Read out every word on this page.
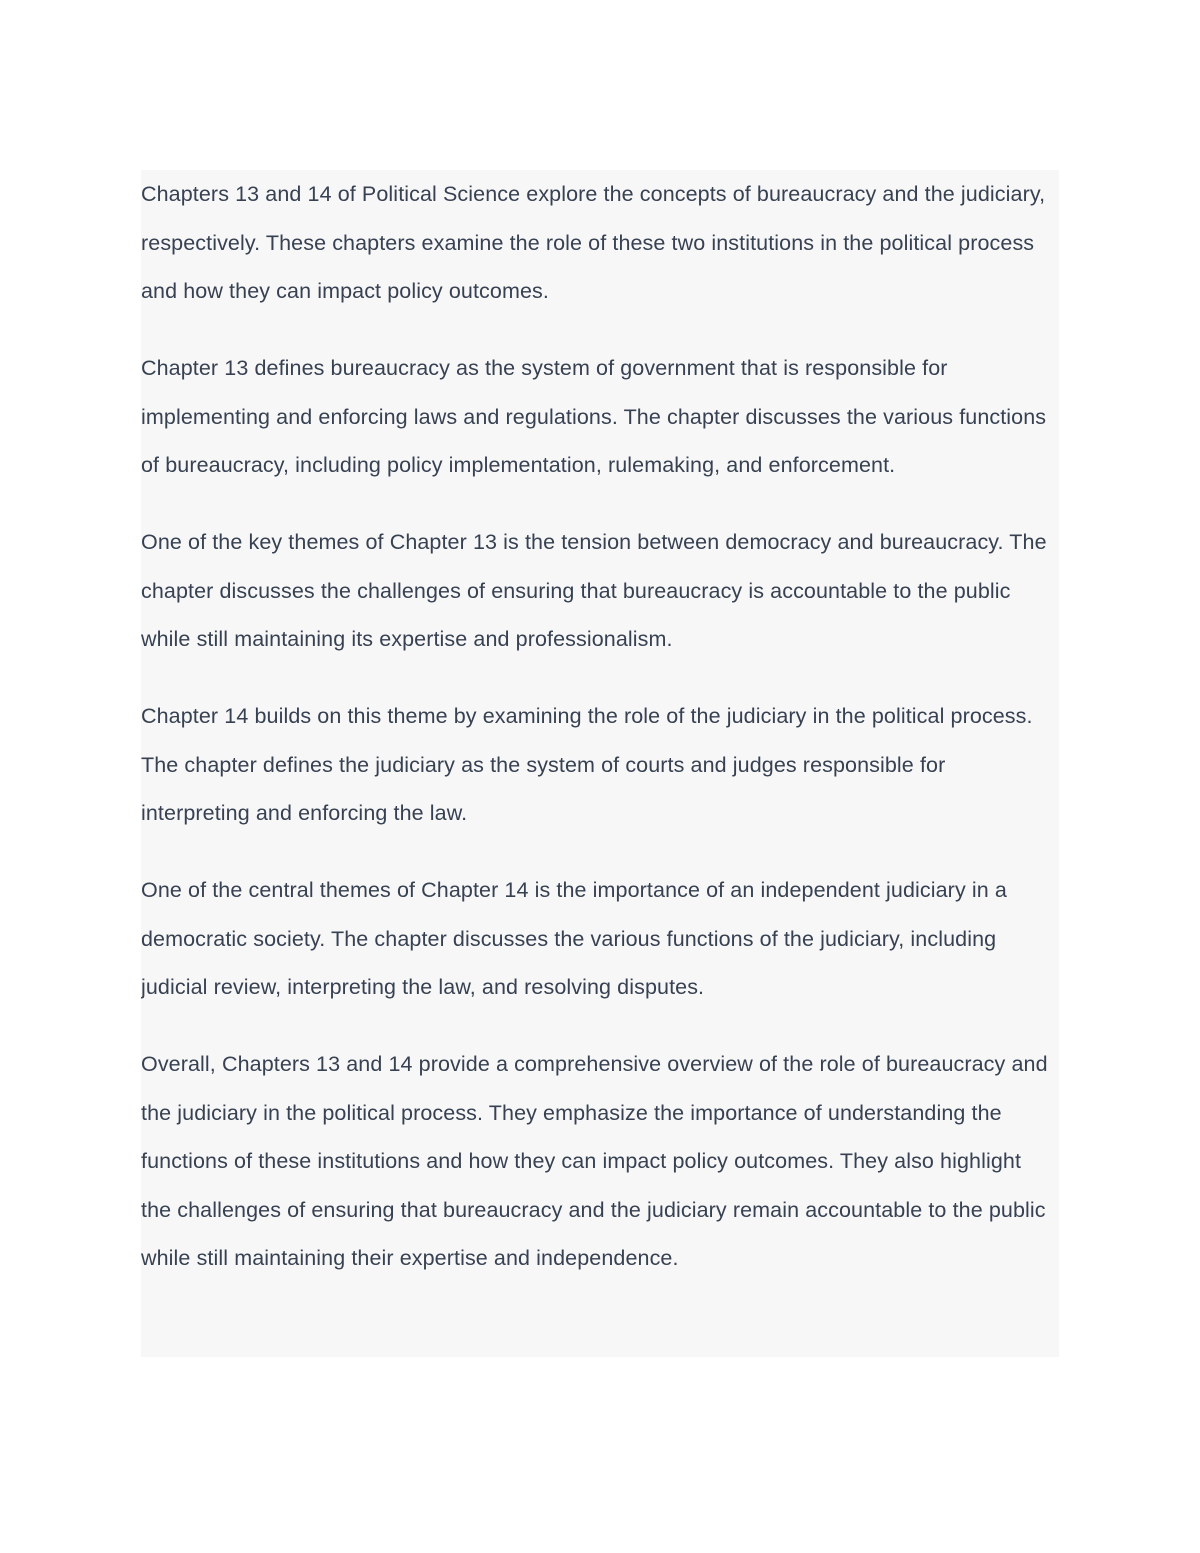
Chapters 13 and 14 of Political Science explore the concepts of bureaucracy and the judiciary, respectively. These chapters examine the role of these two institutions in the political process and how they can impact policy outcomes.

Chapter 13 defines bureaucracy as the system of government that is responsible for implementing and enforcing laws and regulations. The chapter discusses the various functions of bureaucracy, including policy implementation, rulemaking, and enforcement.

One of the key themes of Chapter 13 is the tension between democracy and bureaucracy. The chapter discusses the challenges of ensuring that bureaucracy is accountable to the public while still maintaining its expertise and professionalism.

Chapter 14 builds on this theme by examining the role of the judiciary in the political process. The chapter defines the judiciary as the system of courts and judges responsible for interpreting and enforcing the law.

One of the central themes of Chapter 14 is the importance of an independent judiciary in a democratic society. The chapter discusses the various functions of the judiciary, including judicial review, interpreting the law, and resolving disputes.

Overall, Chapters 13 and 14 provide a comprehensive overview of the role of bureaucracy and the judiciary in the political process. They emphasize the importance of understanding the functions of these institutions and how they can impact policy outcomes. They also highlight the challenges of ensuring that bureaucracy and the judiciary remain accountable to the public while still maintaining their expertise and independence.
